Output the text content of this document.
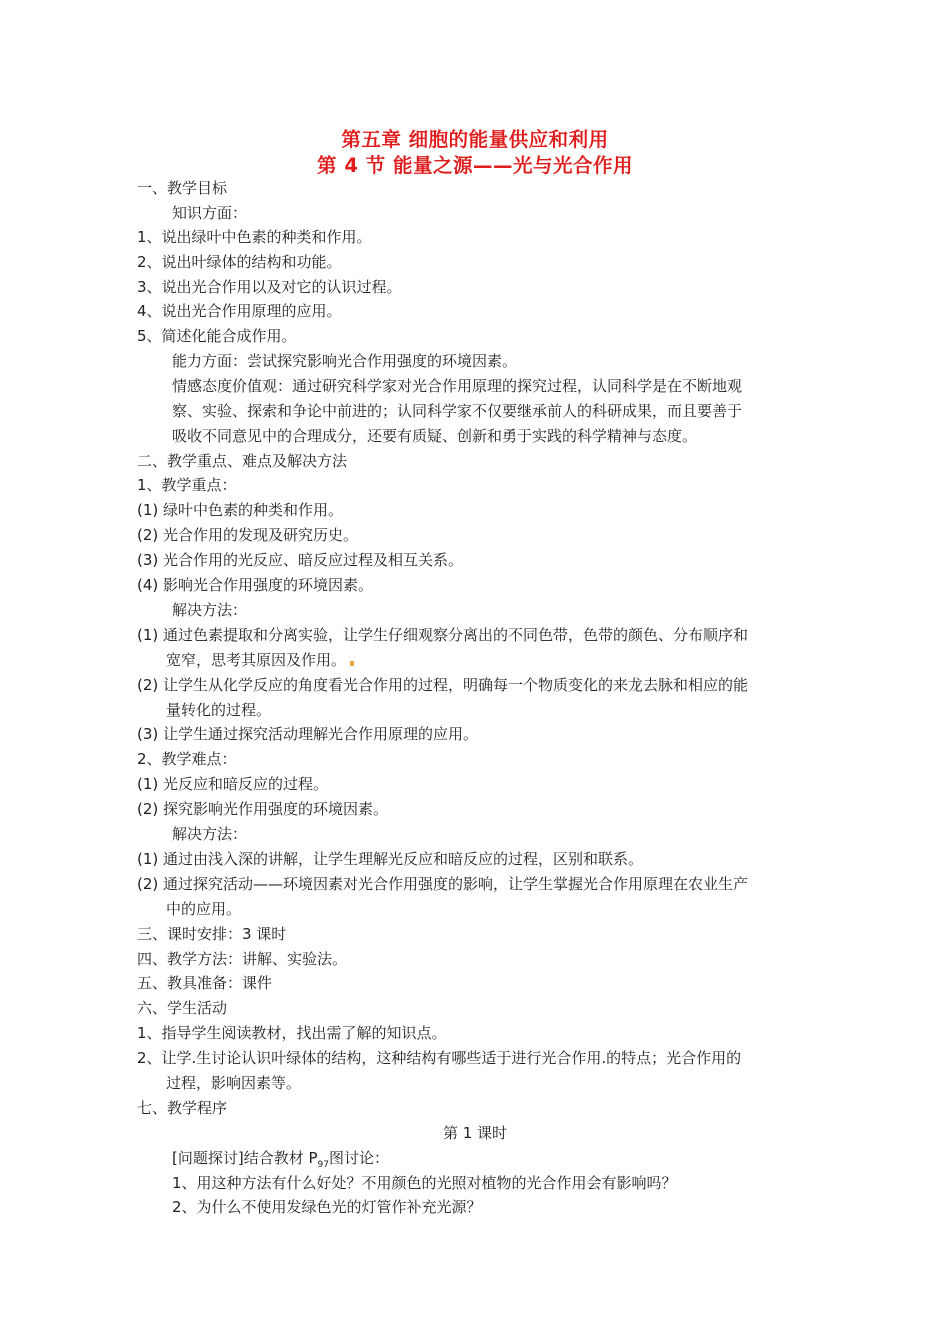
第五章 细胞的能量供应和利用
第 4 节 能量之源——光与光合作用
一、教学目标
知识方面：
1、说出绿叶中色素的种类和作用。
2、说出叶绿体的结构和功能。
3、说出光合作用以及对它的认识过程。
4、说出光合作用原理的应用。
5、简述化能合成作用。
能力方面：尝试探究影响光合作用强度的环境因素。
情感态度价值观：通过研究科学家对光合作用原理的探究过程，认同科学是在不断地观
察、实验、探索和争论中前进的；认同科学家不仅要继承前人的科研成果，而且要善于
吸收不同意见中的合理成分，还要有质疑、创新和勇于实践的科学精神与态度。
二、教学重点、难点及解决方法
1、教学重点：
(1) 绿叶中色素的种类和作用。
(2) 光合作用的发现及研究历史。
(3) 光合作用的光反应、暗反应过程及相互关系。
(4) 影响光合作用强度的环境因素。
解决方法：
(1) 通过色素提取和分离实验，让学生仔细观察分离出的不同色带，色带的颜色、分布顺序和
宽窄，思考其原因及作用。
(2) 让学生从化学反应的角度看光合作用的过程，明确每一个物质变化的来龙去脉和相应的能
量转化的过程。
(3) 让学生通过探究活动理解光合作用原理的应用。
2、教学难点：
(1) 光反应和暗反应的过程。
(2) 探究影响光作用强度的环境因素。
解决方法：
(1) 通过由浅入深的讲解，让学生理解光反应和暗反应的过程，区别和联系。
(2) 通过探究活动——环境因素对光合作用强度的影响，让学生掌握光合作用原理在农业生产
中的应用。
三、课时安排：3 课时
四、教学方法：讲解、实验法。
五、教具准备：课件
六、学生活动
1、指导学生阅读教材，找出需了解的知识点。
2、让学.生讨论认识叶绿体的结构，这种结构有哪些适于进行光合作用.的特点；光合作用的
过程，影响因素等。
七、教学程序
第 1 课时
[问题探讨]结合教材 $P_{97}$图讨论：
1、用这种方法有什么好处？不用颜色的光照对植物的光合作用会有影响吗？
2、为什么不使用发绿色光的灯管作补充光源？
